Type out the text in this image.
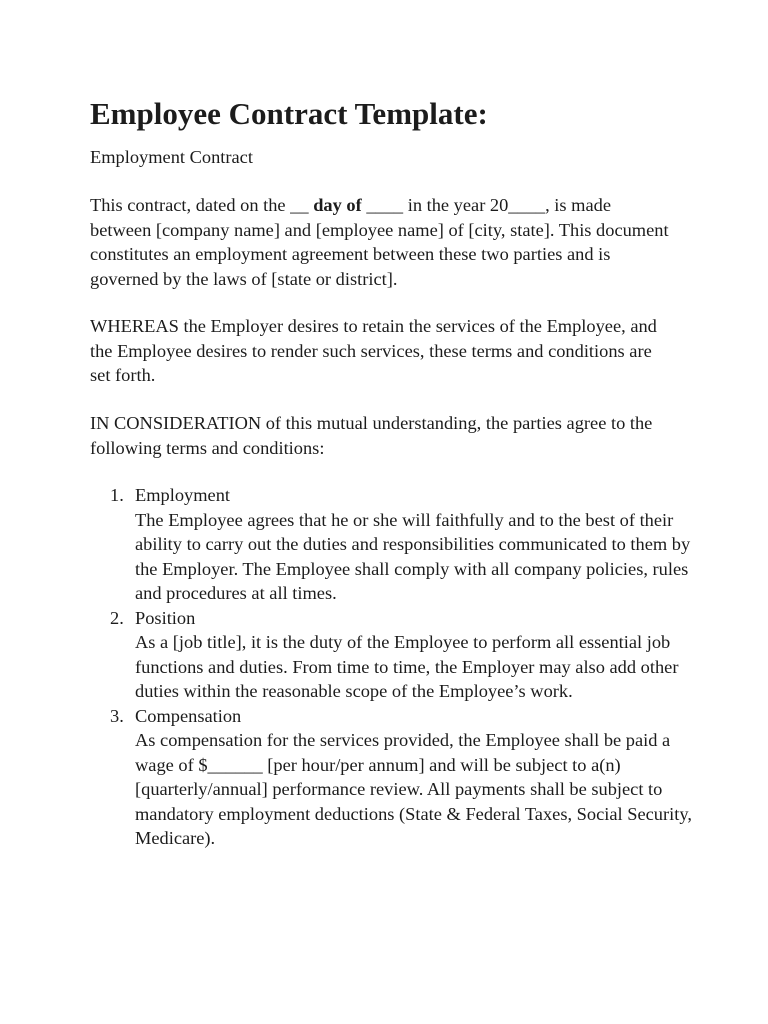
Employee Contract Template:

Employment Contract

This contract, dated on the __ day of ____ in the year 20____, is made between [company name] and [employee name] of [city, state]. This document constitutes an employment agreement between these two parties and is governed by the laws of [state or district].

WHEREAS the Employer desires to retain the services of the Employee, and the Employee desires to render such services, these terms and conditions are set forth.

IN CONSIDERATION of this mutual understanding, the parties agree to the following terms and conditions:

1. Employment
The Employee agrees that he or she will faithfully and to the best of their ability to carry out the duties and responsibilities communicated to them by the Employer. The Employee shall comply with all company policies, rules and procedures at all times.
2. Position
As a [job title], it is the duty of the Employee to perform all essential job functions and duties. From time to time, the Employer may also add other duties within the reasonable scope of the Employee’s work.
3. Compensation
As compensation for the services provided, the Employee shall be paid a wage of $______ [per hour/per annum] and will be subject to a(n) [quarterly/annual] performance review. All payments shall be subject to mandatory employment deductions (State & Federal Taxes, Social Security, Medicare).
